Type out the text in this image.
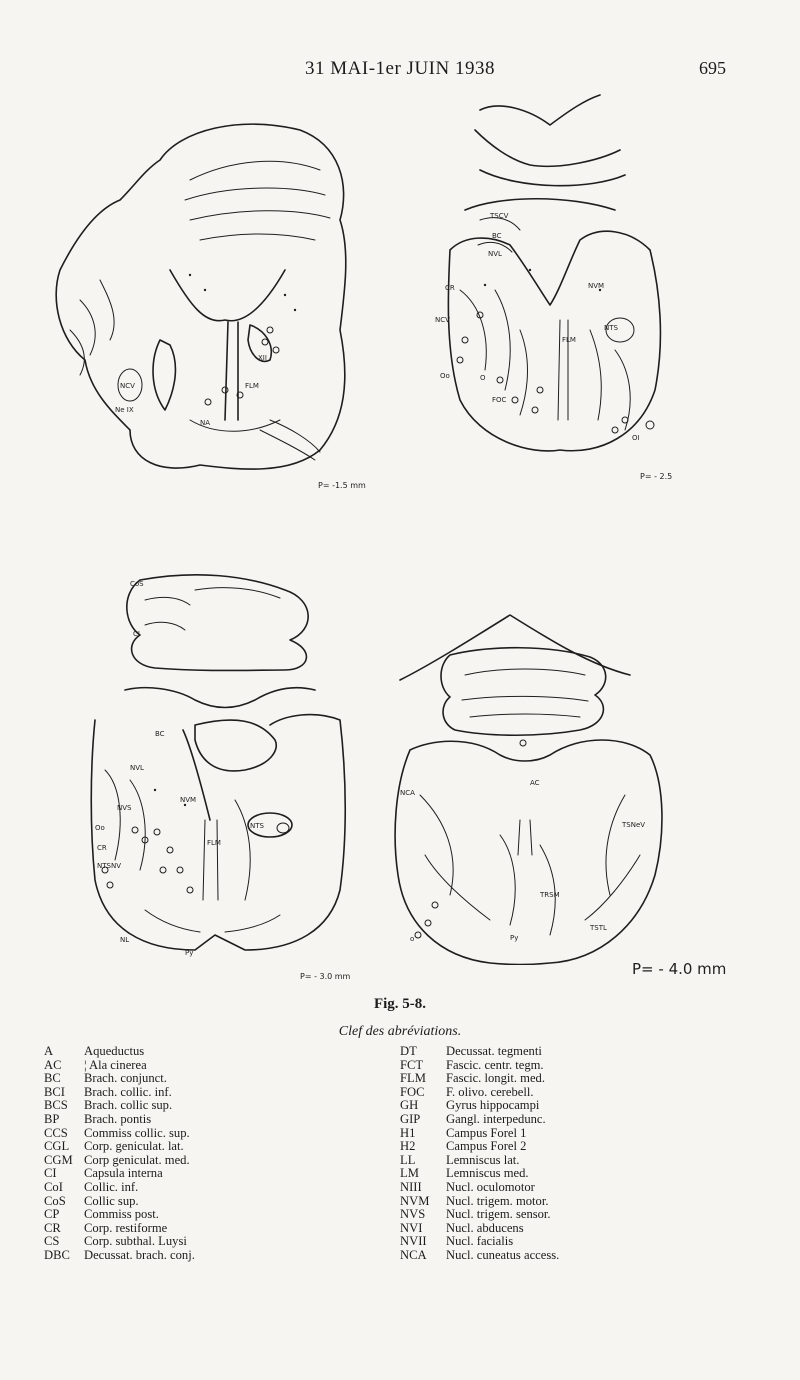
31 MAI-1er JUIN 1938	695
NCV
Ne IX
NA
FLM
XII
P= -1.5 mm
TSCV
BC
NVL
CR
NCV
NVM
NTS
FLM
FOC
O
Oo
OI
P= - 2.5
CoS
CI
BC
NVL
NVM
NVS
Oo
CR
NTS
NTSNV
FLM
NL
Py
P= - 3.0 mm
AC
NCA
TSNeV
TRSM
TSTL
Py
o
P= - 4.0 mm
Fig. 5-8.
Clef des abréviations.
A	Aqueductus
AC	¦ Ala cinerea
BC	Brach. conjunct.
BCI	Brach. collic. inf.
BCS	Brach. collic sup.
BP	Brach. pontis
CCS	Commiss collic. sup.
CGL	Corp. geniculat. lat.
CGM Corp geniculat. med.
CI	Capsula interna
CoI	Collic. inf.
CoS	Collic sup.
CP	Commiss post.
CR	Corp. restiforme
CS	Corp. subthal. Luysi
DBC	Decussat. brach. conj.
DT	Decussat. tegmenti
FCT	Fascic. centr. tegm.
FLM	Fascic. longit. med.
FOC	F. olivo. cerebell.
GH	Gyrus hippocampi
GIP	Gangl. interpedunc.
H1	Campus Forel 1
H2	Campus Forel 2
LL	Lemniscus lat.
LM	Lemniscus med.
NIII	Nucl. oculomotor
NVM	Nucl. trigem. motor.
NVS	Nucl. trigem. sensor.
NVI	Nucl. abducens
NVII	Nucl. facialis
NCA	Nucl. cuneatus access.
